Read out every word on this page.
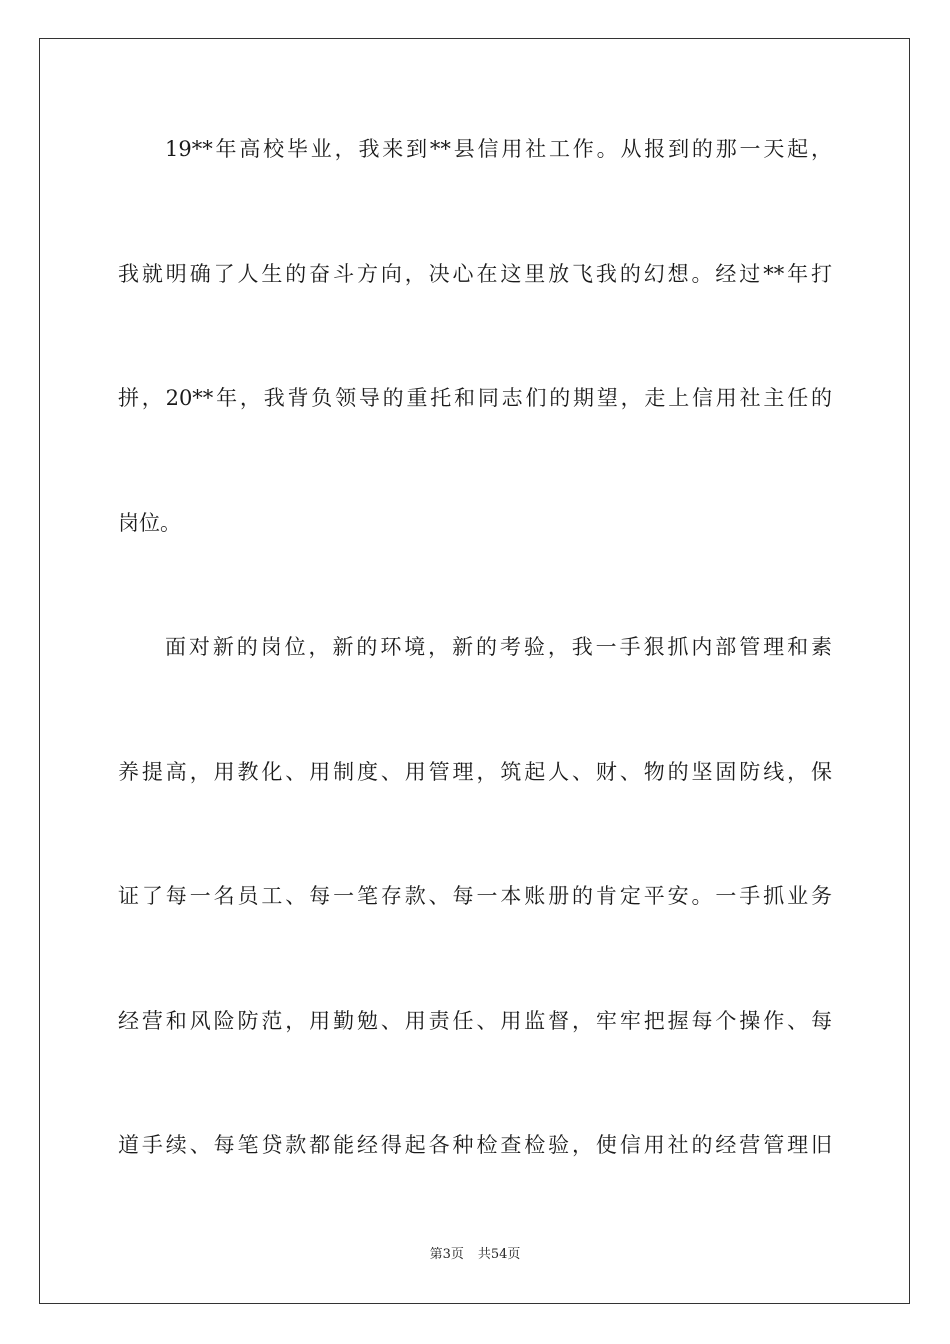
19**年高校毕业，我来到**县信用社工作。从报到的那一天起，
我就明确了人生的奋斗方向，决心在这里放飞我的幻想。经过**年打
拼，20**年，我背负领导的重托和同志们的期望，走上信用社主任的
岗位。
面对新的岗位，新的环境，新的考验，我一手狠抓内部管理和素
养提高，用教化、用制度、用管理，筑起人、财、物的坚固防线，保
证了每一名员工、每一笔存款、每一本账册的肯定平安。一手抓业务
经营和风险防范，用勤勉、用责任、用监督，牢牢把握每个操作、每
道手续、每笔贷款都能经得起各种检查检验，使信用社的经营管理旧
第3页 共54页
